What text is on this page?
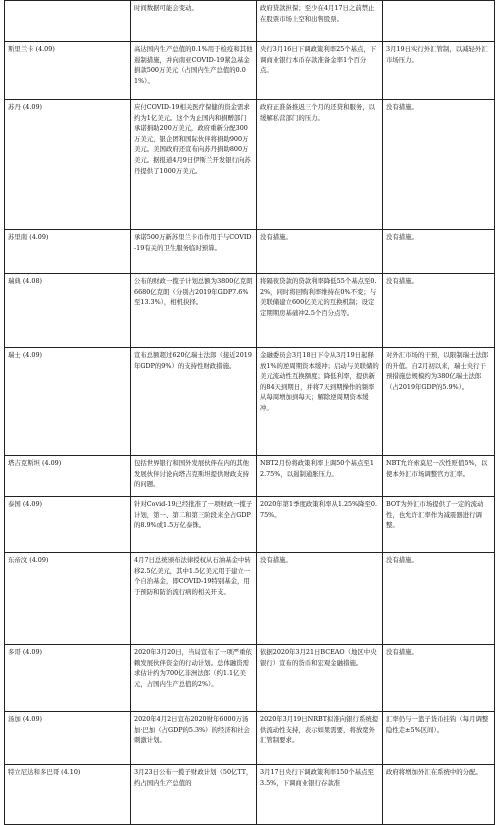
	时间数据可能会变动。	政府贷款担保；至少在4月17日之前禁止在股票市场上空和出售股票。	
斯里兰卡 (4.09)	高达国内生产总值的0.1%用于检疫和其他遏制措施，并向南亚COVID-19紧急基金捐款500万美元（占国内生产总值的0.01%）。	央行3月16日下调政策利率25个基点，下调商业银行本币存款准备金率1个百分点。	3月19日实行外汇管制，以减轻外汇市场压力。
苏丹 (4.09)	应付COVID-19相关医疗保健的资金需求约为1亿美元。这个为止国内和捐赠部门承诺捐助200万美元，政府重新分配300万美元，银企团和国际伙伴将捐助900万美元。美国政府还宣布向苏丹捐助800万美元。据报道4月9日伊斯兰开发银行向苏丹提供了1000万美元。	政府正准备推迟三个月的还贷和服务，以缓解私营部门的压力。	没有措施。
苏里南 (4.09)	承诺500万新苏里兰卡币作用于与COVID-19有关的卫生服务临时预算。	没有措施。	没有措施。
瑞典 (4.08)	公布的财政一揽子计划总额为3800亿克朗6680亿克朗（分别占2019年GDP7.6%至13.3%），相机抉择。	将隔夜贷款的贷款利率降低55个基点至0.2%，同时将回购利率维持在0%不变；与美联储建立600亿美元的互换机制；设定定期期房基础冲2.5个百分点等。	没有措施。
瑞士 (4.09)	宣布总额超过620亿瑞士法郎（接近2019年GDP的9%）的支持性财政措施。	金融委员会3月18日下令从3月19日起释放1%的逆周期资本缓冲；启动与美联储的美元流动性互换额度；降低利率，提供新的84天到期日，并将7天到期操作的频率从每周增加到每天；解除逆周期资本缓冲。	对外汇市场的干预，以限制瑞士法郎的升值。自2月初以来，瑞士央行干预措施总规模约为380亿瑞士法郎（占2019年GDP的5.9%）。
塔吉克斯坦 (4.09)	包括世界银行和国外发展伙伴在内的其他发展伙伴讨论向塔吉克斯坦提供财政支持的问题。	NBT2月份将政策利率上调50个基点至12.75%，以遏制通胀压力。	NBT允许索莫尼一次性贬值5%，以使本外汇市场调整官方汇率。
泰国 (4.09)	针对Covid-19已经批准了一项财政一揽子计划，第一、第二和第三阶段来全占GDP的8.9%或1.5万亿泰铢。	2020年第1季度政策利率从1.25%降至0.75%。	BOT为外汇市场提供了一定的流动性，也允许汇率作为减震器进行调整。
东帝汶 (4.09)	4月7日总统颁布法律授权从石油基金中转移2.5亿美元，其中1.5亿美元用于建立一个自治基金，即COVID-19特别基金，用于预防和防治流行病的相关开支。	没有措施。	没有措施。
多哥 (4.09)	2020年3月20日，当局宣布了一项严重依赖发展伙伴资金的行动计划。总体融资需求估计约为700亿非洲法郎（约1.1亿美元，占国内生产总值的2%）。	依据2020年3月21日BCEAO（地区中央银行）宣布的货币和宏观金融措施。	没有措施。
汤加 (4.09)	2020年4月2日宣布2020财年6000万汤加·巴加（占GDP的5.3%）的经济和社会刺激计划。	2020年3月19日NRBT拟准向银行系统提供流动性支持，表示如果需要，将放宽外汇管制要求。	汇率仍与一篮子货币挂钩（每月调整隐性走±5%区间）。
特立尼达和多巴哥 (4.10)	3月23日公布一揽子财政计划（50亿TT，约占国内生产总值的	3月17日央行下调政策利率150个基点至3.5%，下调商业银行存款准	政府将增加外汇在系统中的分配。
